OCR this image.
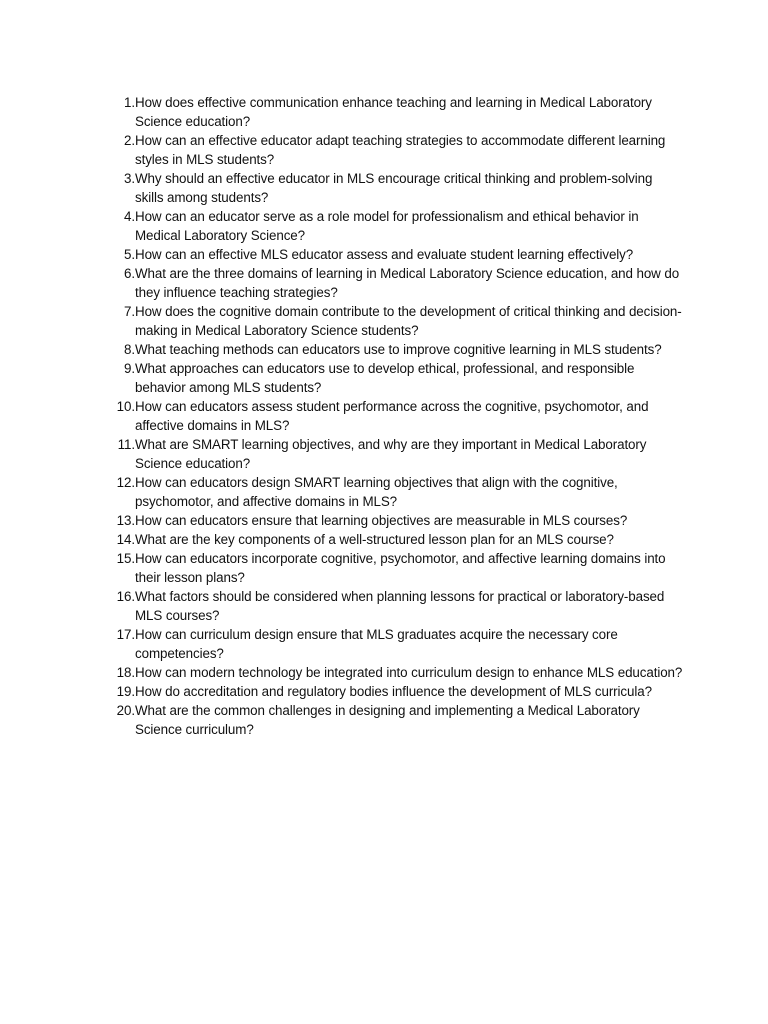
1. How does effective communication enhance teaching and learning in Medical Laboratory Science education?
2. How can an effective educator adapt teaching strategies to accommodate different learning styles in MLS students?
3. Why should an effective educator in MLS encourage critical thinking and problem-solving skills among students?
4. How can an educator serve as a role model for professionalism and ethical behavior in Medical Laboratory Science?
5. How can an effective MLS educator assess and evaluate student learning effectively?
6. What are the three domains of learning in Medical Laboratory Science education, and how do they influence teaching strategies?
7. How does the cognitive domain contribute to the development of critical thinking and decision-making in Medical Laboratory Science students?
8. What teaching methods can educators use to improve cognitive learning in MLS students?
9. What approaches can educators use to develop ethical, professional, and responsible behavior among MLS students?
10. How can educators assess student performance across the cognitive, psychomotor, and affective domains in MLS?
11. What are SMART learning objectives, and why are they important in Medical Laboratory Science education?
12. How can educators design SMART learning objectives that align with the cognitive, psychomotor, and affective domains in MLS?
13. How can educators ensure that learning objectives are measurable in MLS courses?
14. What are the key components of a well-structured lesson plan for an MLS course?
15. How can educators incorporate cognitive, psychomotor, and affective learning domains into their lesson plans?
16. What factors should be considered when planning lessons for practical or laboratory-based MLS courses?
17. How can curriculum design ensure that MLS graduates acquire the necessary core competencies?
18. How can modern technology be integrated into curriculum design to enhance MLS education?
19. How do accreditation and regulatory bodies influence the development of MLS curricula?
20. What are the common challenges in designing and implementing a Medical Laboratory Science curriculum?
